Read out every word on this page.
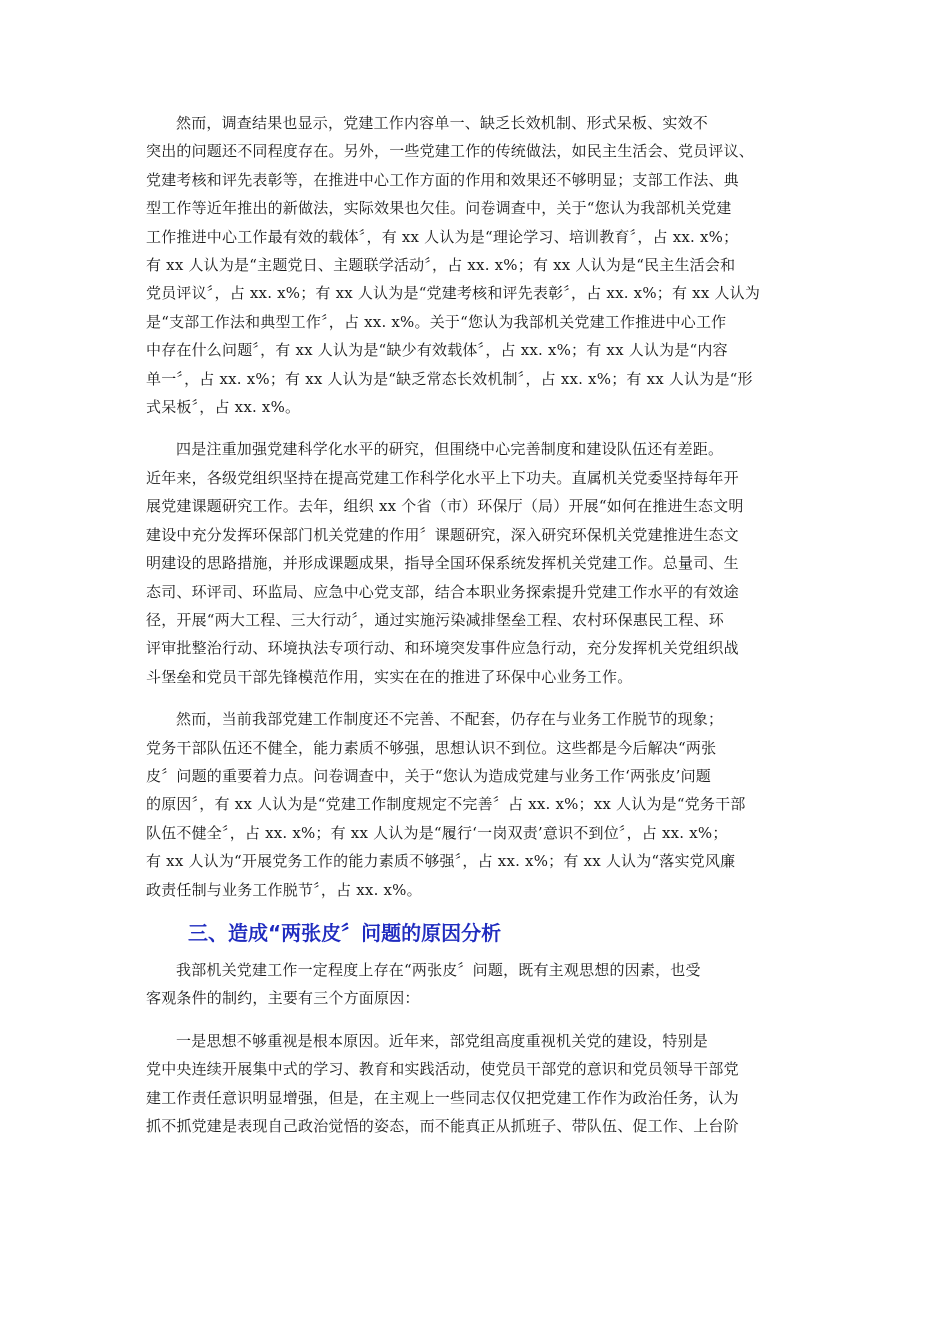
然而，调查结果也显示，党建工作内容单一、缺乏长效机制、形式呆板、实效不
突出的问题还不同程度存在。另外，一些党建工作的传统做法，如民主生活会、党员评议、
党建考核和评先表彰等，在推进中心工作方面的作用和效果还不够明显；支部工作法、典
型工作等近年推出的新做法，实际效果也欠佳。问卷调查中，关于“您认为我部机关党建
工作推进中心工作最有效的载体〞，有 xx 人认为是“理论学习、培训教育〞，占 xx. x%；
有 xx 人认为是“主题党日、主题联学活动〞，占 xx. x%；有 xx 人认为是“民主生活会和
党员评议〞，占 xx. x%；有 xx 人认为是“党建考核和评先表彰〞，占 xx. x%；有 xx 人认为
是“支部工作法和典型工作〞，占 xx. x%。关于“您认为我部机关党建工作推进中心工作
中存在什么问题〞，有 xx 人认为是“缺少有效载体〞，占 xx. x%；有 xx 人认为是“内容
单一〞，占 xx. x%；有 xx 人认为是“缺乏常态长效机制〞，占 xx. x%；有 xx 人认为是“形
式呆板〞，占 xx. x%。

四是注重加强党建科学化水平的研究，但围绕中心完善制度和建设队伍还有差距。
近年来，各级党组织坚持在提高党建工作科学化水平上下功夫。直属机关党委坚持每年开
展党建课题研究工作。去年，组织 xx 个省（市）环保厅（局）开展“如何在推进生态文明
建设中充分发挥环保部门机关党建的作用〞课题研究，深入研究环保机关党建推进生态文
明建设的思路措施，并形成课题成果，指导全国环保系统发挥机关党建工作。总量司、生
态司、环评司、环监局、应急中心党支部，结合本职业务探索提升党建工作水平的有效途
径，开展“两大工程、三大行动〞，通过实施污染减排堡垒工程、农村环保惠民工程、环
评审批整治行动、环境执法专项行动、和环境突发事件应急行动，充分发挥机关党组织战
斗堡垒和党员干部先锋模范作用，实实在在的推进了环保中心业务工作。

然而，当前我部党建工作制度还不完善、不配套，仍存在与业务工作脱节的现象；
党务干部队伍还不健全，能力素质不够强，思想认识不到位。这些都是今后解决“两张
皮〞问题的重要着力点。问卷调查中，关于“您认为造成党建与业务工作‘两张皮’问题
的原因〞，有 xx 人认为是“党建工作制度规定不完善〞占 xx. x%；xx 人认为是“党务干部
队伍不健全〞，占 xx. x%；有 xx 人认为是“履行‘一岗双责’意识不到位〞，占 xx. x%；
有 xx 人认为“开展党务工作的能力素质不够强〞，占 xx. x%；有 xx 人认为“落实党风廉
政责任制与业务工作脱节〞，占 xx. x%。

三、造成“两张皮〞问题的原因分析

我部机关党建工作一定程度上存在“两张皮〞问题，既有主观思想的因素，也受
客观条件的制约，主要有三个方面原因：

一是思想不够重视是根本原因。近年来，部党组高度重视机关党的建设，特别是
党中央连续开展集中式的学习、教育和实践活动，使党员干部党的意识和党员领导干部党
建工作责任意识明显增强，但是，在主观上一些同志仅仅把党建工作作为政治任务，认为
抓不抓党建是表现自己政治觉悟的姿态，而不能真正从抓班子、带队伍、促工作、上台阶
